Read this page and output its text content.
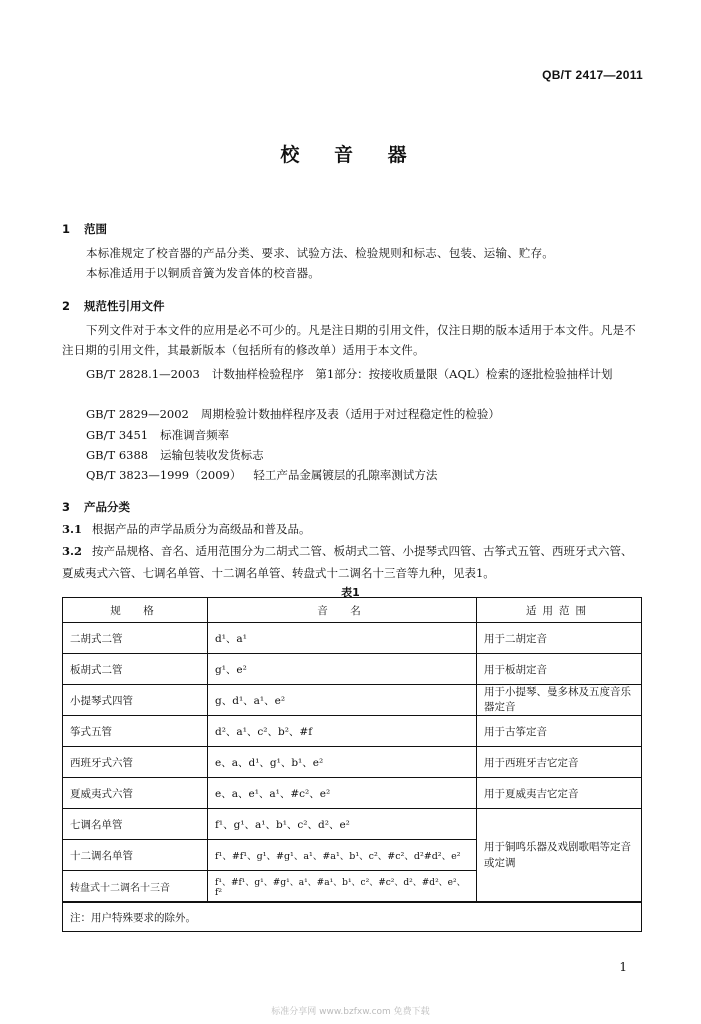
QB/T 2417—2011
校 音 器
1 范围
本标准规定了校音器的产品分类、要求、试验方法、检验规则和标志、包装、运输、贮存。
本标准适用于以铜质音簧为发音体的校音器。
2 规范性引用文件
下列文件对于本文件的应用是必不可少的。凡是注日期的引用文件，仅注日期的版本适用于本文件。凡是不注日期的引用文件，其最新版本（包括所有的修改单）适用于本文件。
GB/T 2828.1—2003 计数抽样检验程序　第1部分：按接收质量限（AQL）检索的逐批检验抽样计划
GB/T 2829—2002 周期检验计数抽样程序及表（适用于对过程稳定性的检验）
GB/T 3451 标准调音频率
GB/T 6388 运输包装收发货标志
QB/T 3823—1999（2009） 轻工产品金属镀层的孔隙率测试方法
3 产品分类
3.1 根据产品的声学品质分为高级品和普及品。
3.2 按产品规格、音名、适用范围分为二胡式二管、板胡式二管、小提琴式四管、古筝式五管、西班牙式六管、夏威夷式六管、七调名单管、十二调名单管、转盘式十二调名十三音等九种，见表1。
表1
规　格	音　名	适用范围
二胡式二管	d¹、a¹	用于二胡定音
板胡式二管	g¹、e²	用于板胡定音
小提琴式四管	g、d¹、a¹、e²	用于小提琴、曼多林及五度音乐器定音
筝式五管	d²、a¹、c²、b²、#f	用于古筝定音
西班牙式六管	e、a、d¹、g¹、b¹、e²	用于西班牙吉它定音
夏威夷式六管	e、a、e¹、a¹、#c²、e²	用于夏威夷吉它定音
七调名单管	f¹、g¹、a¹、b¹、c²、d²、e²	用于铜鸣乐器及戏剧歌唱等定音或定调
十二调名单管	f¹、#f¹、g¹、#g¹、a¹、#a¹、b¹、c²、#c²、d²#d²、e²	
转盘式十二调名十三音	f¹、#f¹、g¹、#g¹、a¹、#a¹、b¹、c²、#c²、d²、#d²、e²、f²	
注：用户特殊要求的除外。		
1
标准分享网 www.bzfxw.com 免费下载
